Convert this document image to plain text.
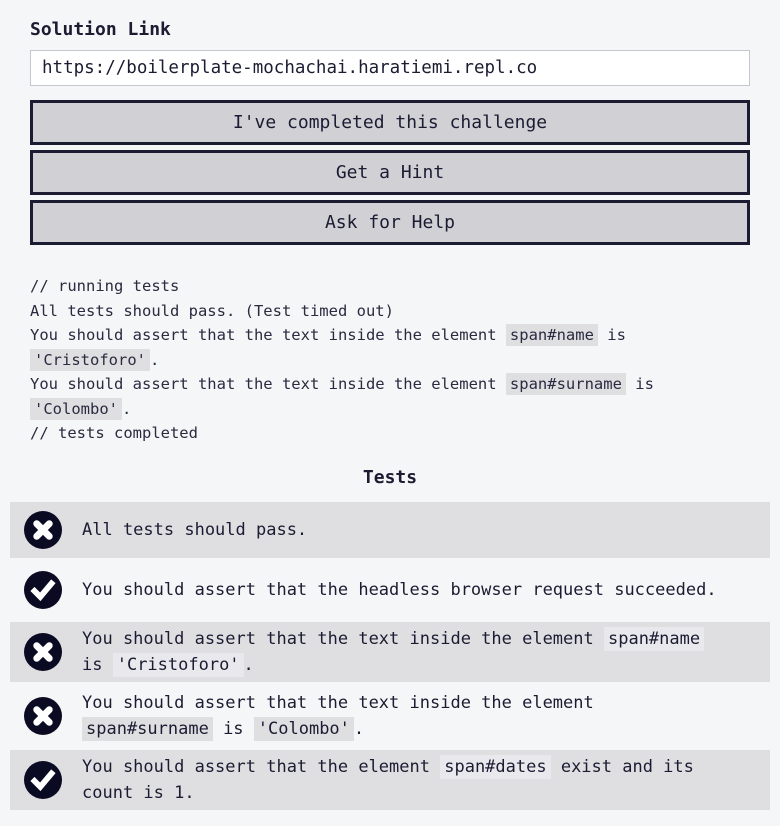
Solution Link
https://boilerplate-mochachai.haratiemi.repl.co
I've completed this challenge
Get a Hint
Ask for Help
// running tests
All tests should pass. (Test timed out)
You should assert that the text inside the element span#name is
'Cristoforo' .
You should assert that the text inside the element span#surname is
'Colombo' .
// tests completed
Tests
All tests should pass.
You should assert that the headless browser request succeeded.
You should assert that the text inside the element span#name
is 'Cristoforo' .
You should assert that the text inside the element
span#surname is 'Colombo' .
You should assert that the element span#dates exist and its
count is 1.
